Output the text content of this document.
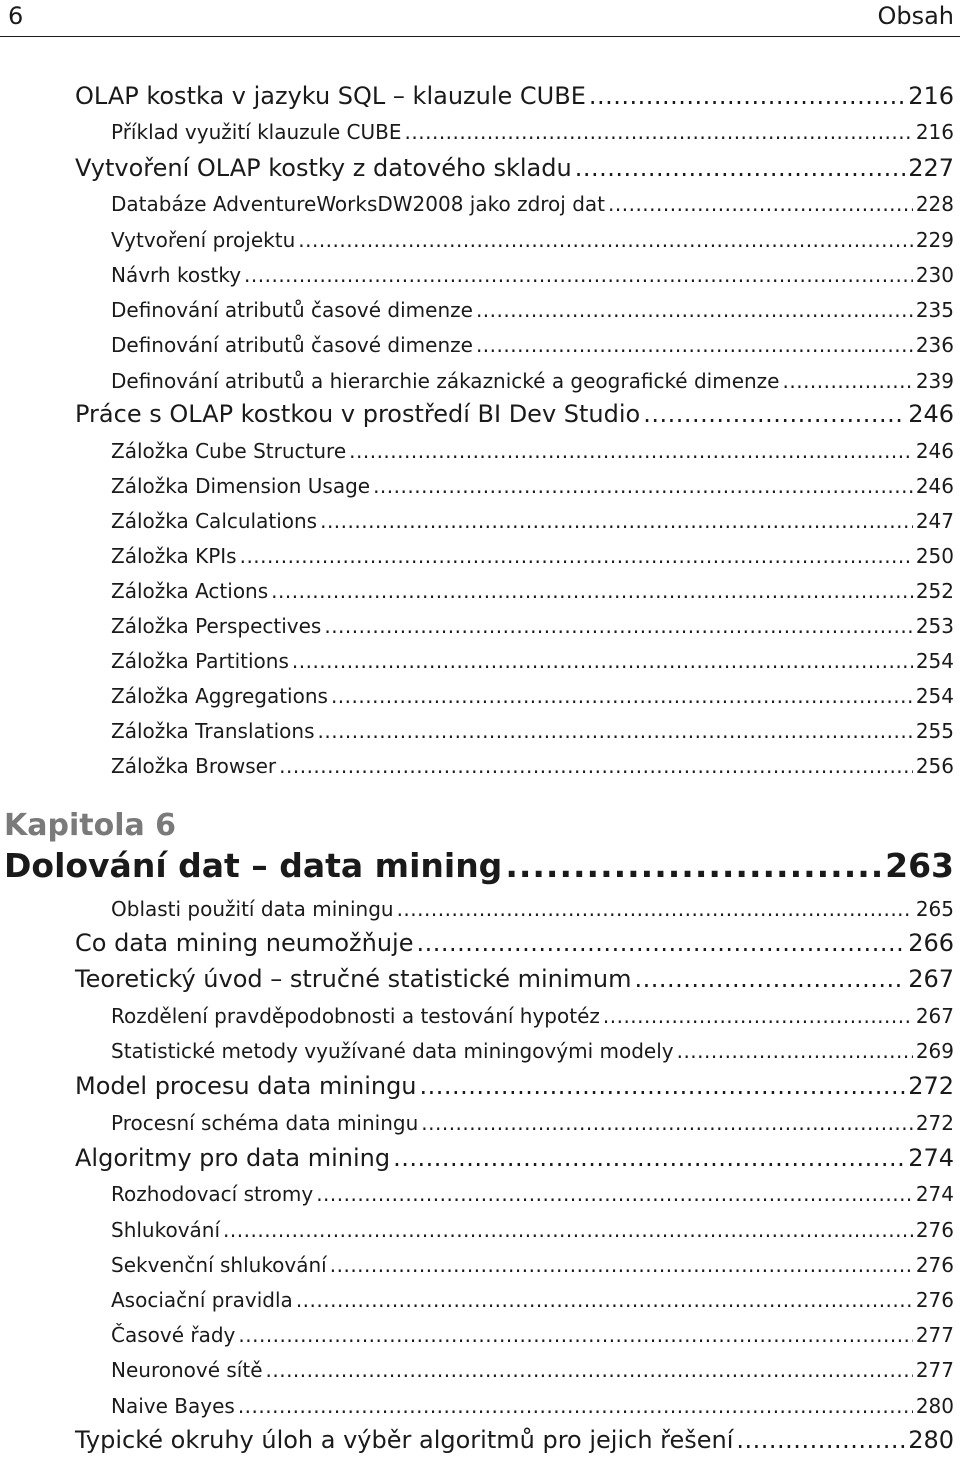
6	Obsah
OLAP kostka v jazyku SQL – klauzule CUBE .....	216
Příklad využití klauzule CUBE .....	216
Vytvoření OLAP kostky z datového skladu .....	227
Databáze AdventureWorksDW2008 jako zdroj dat .....	228
Vytvoření projektu .....	229
Návrh kostky .....	230
Definování atributů časové dimenze .....	235
Definování atributů časové dimenze .....	236
Definování atributů a hierarchie zákaznické a geografické dimenze .....	239
Práce s OLAP kostkou v prostředí BI Dev Studio .....	246
Záložka Cube Structure .....	246
Záložka Dimension Usage .....	246
Záložka Calculations .....	247
Záložka KPIs .....	250
Záložka Actions .....	252
Záložka Perspectives .....	253
Záložka Partitions .....	254
Záložka Aggregations .....	254
Záložka Translations .....	255
Záložka Browser .....	256
Kapitola 6
Dolování dat – data mining .....	263
Oblasti použití data miningu .....	265
Co data mining neumožňuje .....	266
Teoretický úvod – stručné statistické minimum .....	267
Rozdělení pravděpodobnosti a testování hypotéz .....	267
Statistické metody využívané data miningovými modely .....	269
Model procesu data miningu .....	272
Procesní schéma data miningu .....	272
Algoritmy pro data mining .....	274
Rozhodovací stromy .....	274
Shlukování .....	276
Sekvenční shlukování .....	276
Asociační pravidla .....	276
Časové řady .....	277
Neuronové sítě .....	277
Naive Bayes .....	280
Typické okruhy úloh a výběr algoritmů pro jejich řešení .....	280
